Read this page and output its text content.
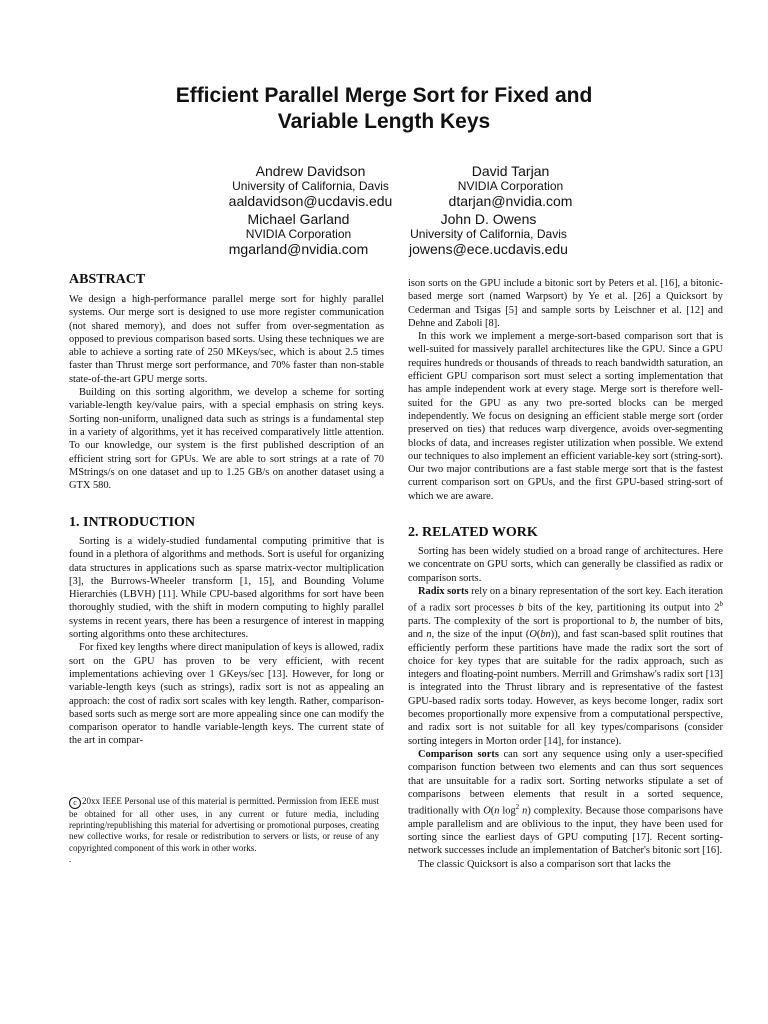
Efficient Parallel Merge Sort for Fixed and
Variable Length Keys
Andrew Davidson
University of California, Davis
aaldavidson@ucdavis.edu
David Tarjan
NVIDIA Corporation
dtarjan@nvidia.com
Michael Garland
NVIDIA Corporation
mgarland@nvidia.com
John D. Owens
University of California, Davis
jowens@ece.ucdavis.edu
ABSTRACT

We design a high-performance parallel merge sort for highly parallel systems. Our merge sort is designed to use more register communication (not shared memory), and does not suffer from over-segmentation as opposed to previous comparison based sorts. Using these techniques we are able to achieve a sorting rate of 250 MKeys/sec, which is about 2.5 times faster than Thrust merge sort performance, and 70% faster than non-stable state-of-the-art GPU merge sorts.

Building on this sorting algorithm, we develop a scheme for sorting variable-length key/value pairs, with a special emphasis on string keys. Sorting non-uniform, unaligned data such as strings is a fundamental step in a variety of algorithms, yet it has received comparatively little attention. To our knowledge, our system is the first published description of an efficient string sort for GPUs. We are able to sort strings at a rate of 70 MStrings/s on one dataset and up to 1.25 GB/s on another dataset using a GTX 580.

1. INTRODUCTION

Sorting is a widely-studied fundamental computing primitive that is found in a plethora of algorithms and methods. Sort is useful for organizing data structures in applications such as sparse matrix-vector multiplication [3], the Burrows-Wheeler transform [1, 15], and Bounding Volume Hierarchies (LBVH) [11]. While CPU-based algorithms for sort have been thoroughly studied, with the shift in modern computing to highly parallel systems in recent years, there has been a resurgence of interest in mapping sorting algorithms onto these architectures.

For fixed key lengths where direct manipulation of keys is allowed, radix sort on the GPU has proven to be very efficient, with recent implementations achieving over 1 GKeys/sec [13]. However, for long or variable-length keys (such as strings), radix sort is not as appealing an approach: the cost of radix sort scales with key length. Rather, comparison-based sorts such as merge sort are more appealing since one can modify the comparison operator to handle variable-length keys. The current state of the art in compar-

c 20xx IEEE Personal use of this material is permitted. Permission from IEEE must be obtained for all other uses, in any current or future media, including reprinting/republishing this material for advertising or promotional purposes, creating new collective works, for resale or redistribution to servers or lists, or reuse of any copyrighted component of this work in other works.

.

ison sorts on the GPU include a bitonic sort by Peters et al. [16], a bitonic-based merge sort (named Warpsort) by Ye et al. [26] a Quicksort by Cederman and Tsigas [5] and sample sorts by Leischner et al. [12] and Dehne and Zaboli [8].

In this work we implement a merge-sort-based comparison sort that is well-suited for massively parallel architectures like the GPU. Since a GPU requires hundreds or thousands of threads to reach bandwidth saturation, an efficient GPU comparison sort must select a sorting implementation that has ample independent work at every stage. Merge sort is therefore well-suited for the GPU as any two pre-sorted blocks can be merged independently. We focus on designing an efficient stable merge sort (order preserved on ties) that reduces warp divergence, avoids over-segmenting blocks of data, and increases register utilization when possible. We extend our techniques to also implement an efficient variable-key sort (string-sort). Our two major contributions are a fast stable merge sort that is the fastest current comparison sort on GPUs, and the first GPU-based string-sort of which we are aware.

2. RELATED WORK

Sorting has been widely studied on a broad range of architectures. Here we concentrate on GPU sorts, which can generally be classified as radix or comparison sorts.

Radix sorts rely on a binary representation of the sort key. Each iteration of a radix sort processes b bits of the key, partitioning its output into 2$^b$ parts. The complexity of the sort is proportional to b, the number of bits, and n, the size of the input (O(bn)), and fast scan-based split routines that efficiently perform these partitions have made the radix sort the sort of choice for key types that are suitable for the radix approach, such as integers and floating-point numbers. Merrill and Grimshaw's radix sort [13] is integrated into the Thrust library and is representative of the fastest GPU-based radix sorts today. However, as keys become longer, radix sort becomes proportionally more expensive from a computational perspective, and radix sort is not suitable for all key types/comparisons (consider sorting integers in Morton order [14], for instance).

Comparison sorts can sort any sequence using only a user-specified comparison function between two elements and can thus sort sequences that are unsuitable for a radix sort. Sorting networks stipulate a set of comparisons between elements that result in a sorted sequence, traditionally with O(n $\log^2 n$) complexity. Because those comparisons have ample parallelism and are oblivious to the input, they have been used for sorting since the earliest days of GPU computing [17]. Recent sorting-network successes include an implementation of Batcher's bitonic sort [16].

The classic Quicksort is also a comparison sort that lacks the
